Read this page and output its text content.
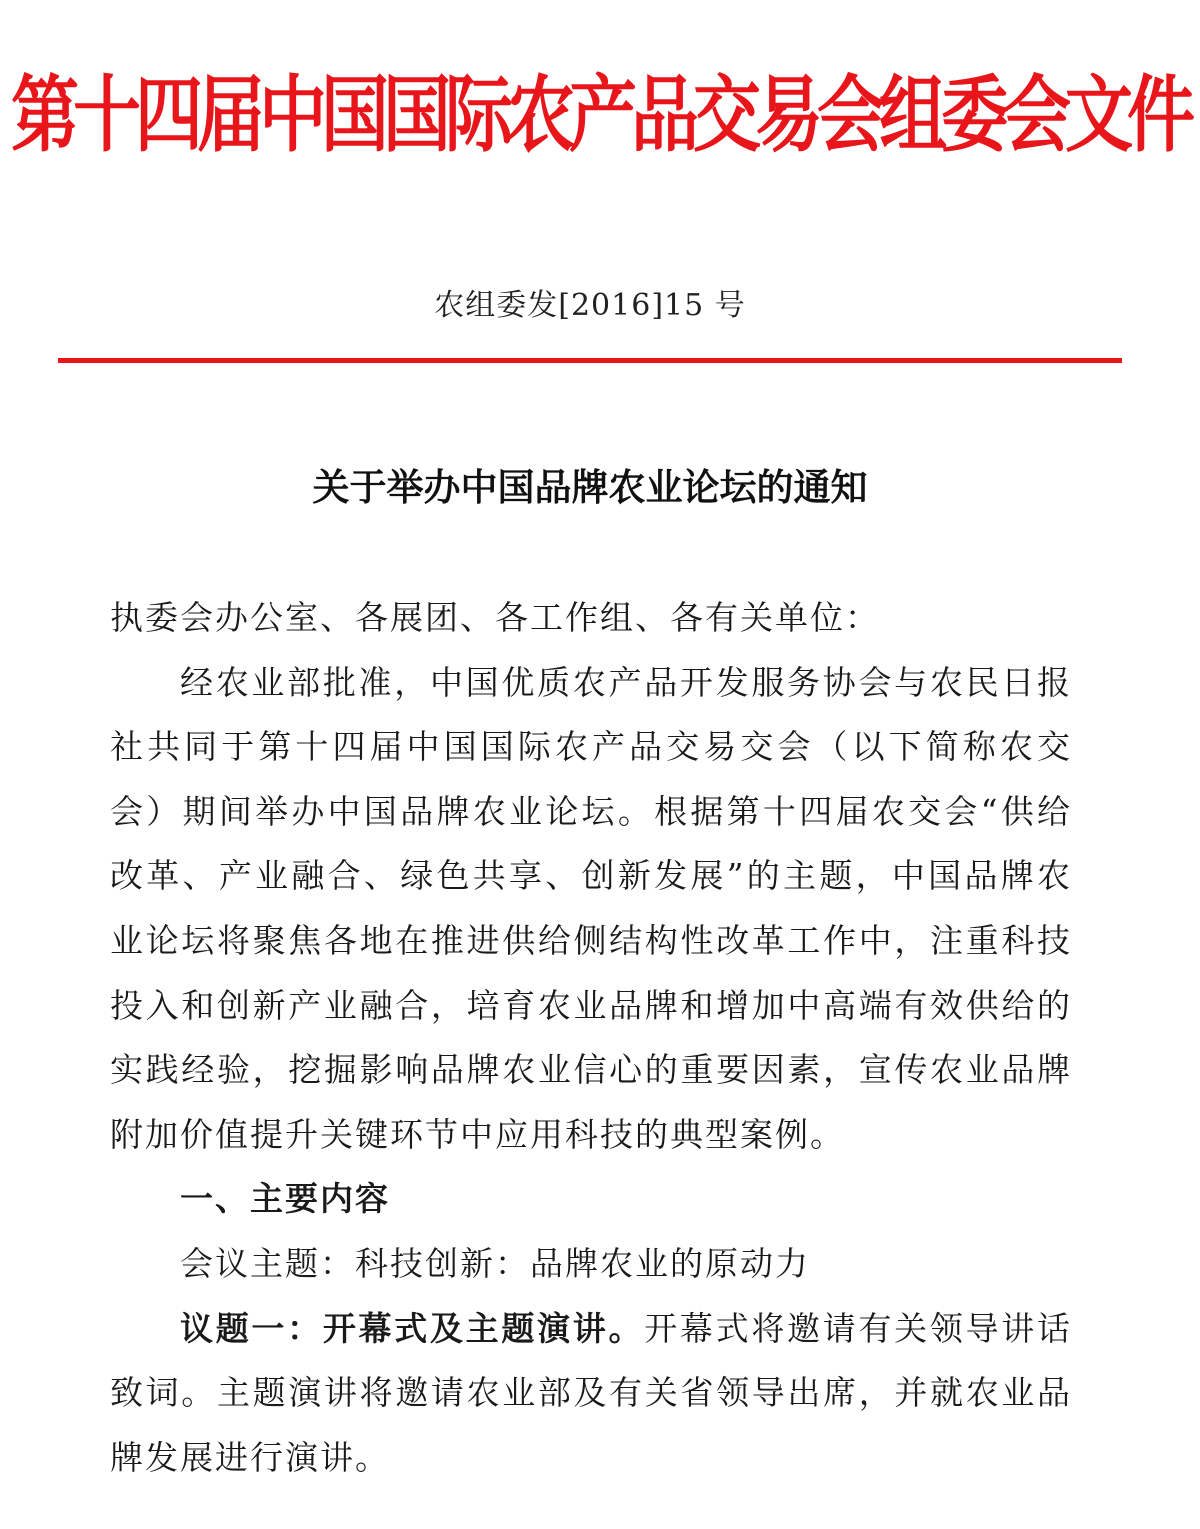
第十四届中国国际农产品交易会组委会文件
农组委发[2016]15 号
关于举办中国品牌农业论坛的通知

执委会办公室、各展团、各工作组、各有关单位：

经农业部批准，中国优质农产品开发服务协会与农民日报社共同于第十四届中国国际农产品交易交会（以下简称农交会）期间举办中国品牌农业论坛。根据第十四届农交会“供给改革、产业融合、绿色共享、创新发展”的主题，中国品牌农业论坛将聚焦各地在推进供给侧结构性改革工作中，注重科技投入和创新产业融合，培育农业品牌和增加中高端有效供给的实践经验，挖掘影响品牌农业信心的重要因素，宣传农业品牌附加价值提升关键环节中应用科技的典型案例。

一、主要内容

会议主题：科技创新：品牌农业的原动力

议题一：开幕式及主题演讲。开幕式将邀请有关领导讲话致词。主题演讲将邀请农业部及有关省领导出席，并就农业品牌发展进行演讲。
